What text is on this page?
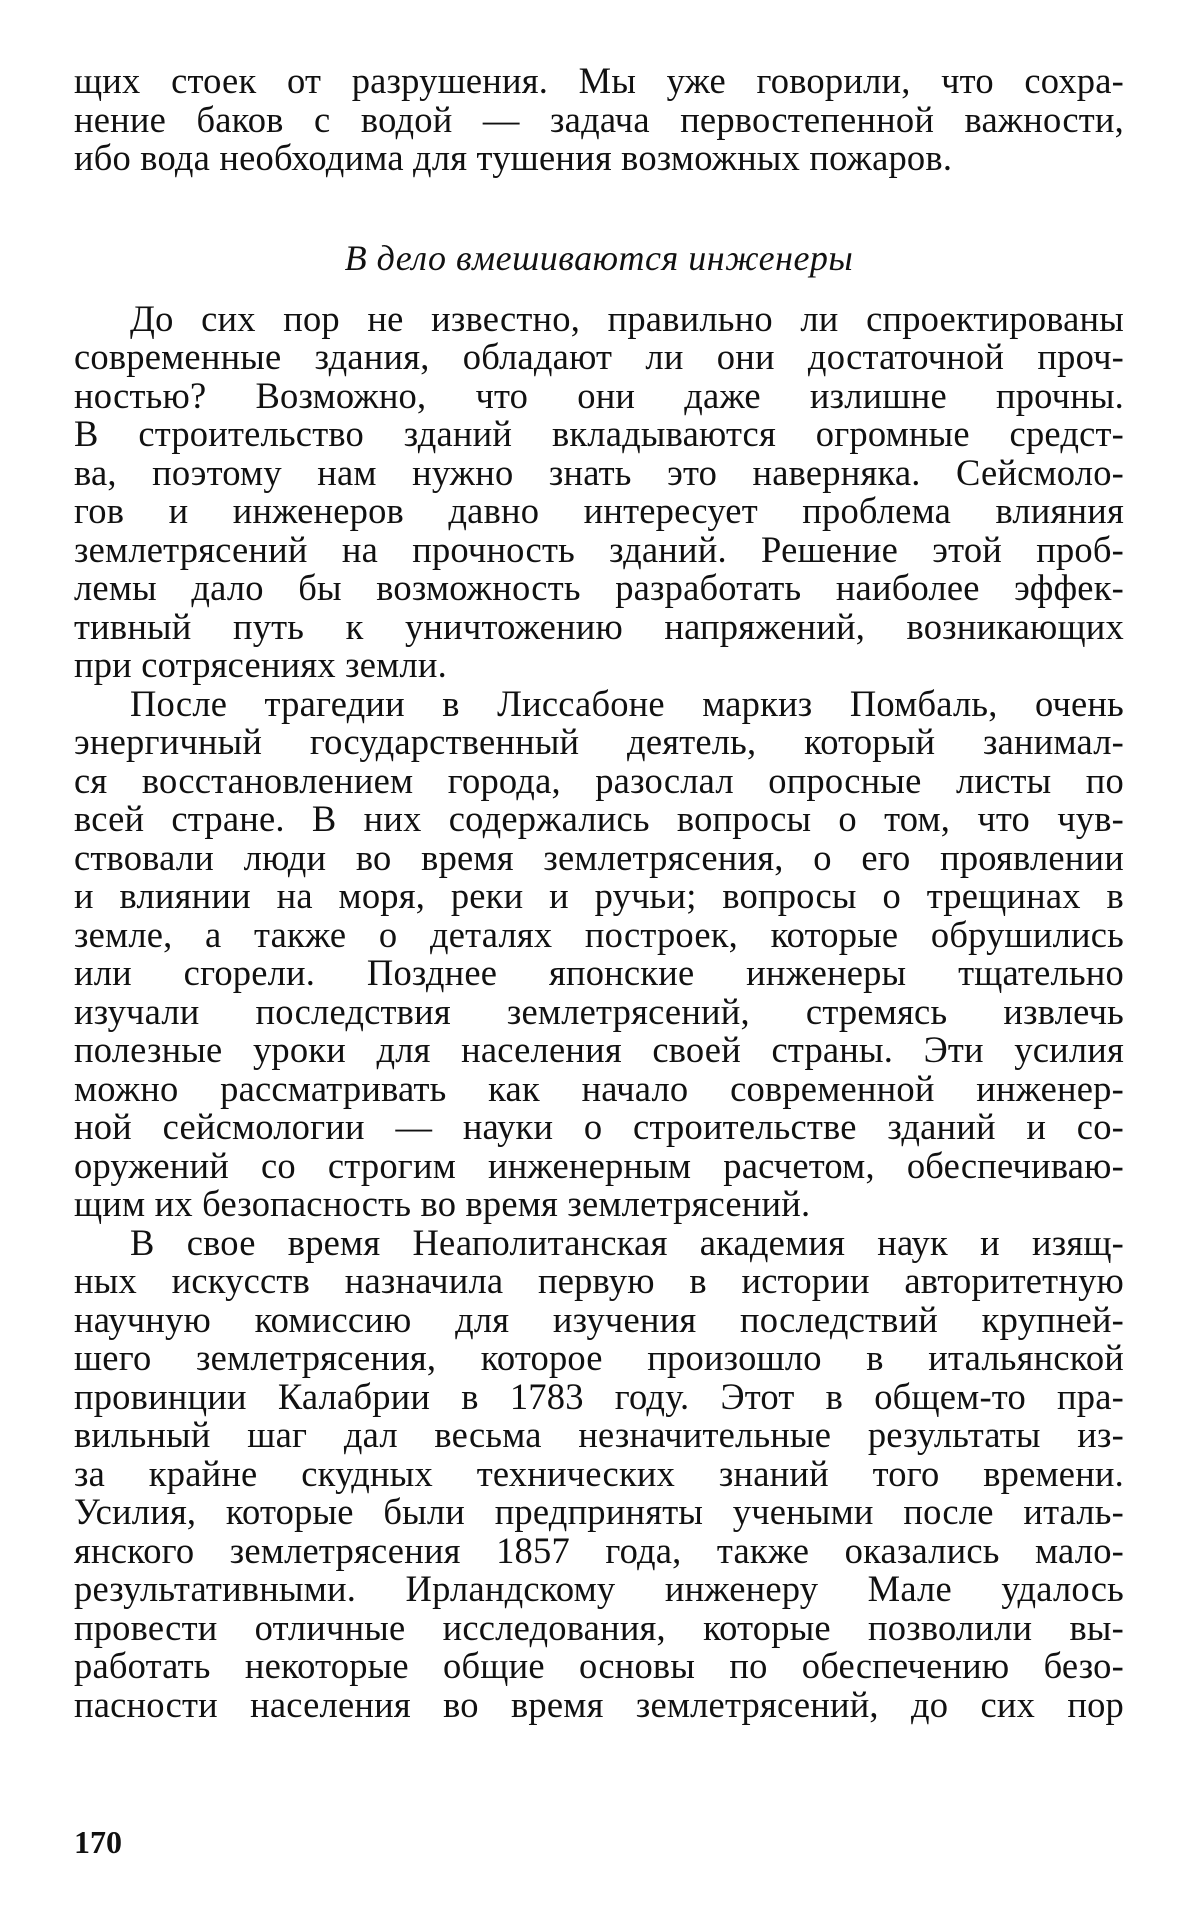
щих стоек от разрушения. Мы уже говорили, что сохра-
нение баков с водой — задача первостепенной важности,
ибо вода необходима для тушения возможных пожаров.
В дело вмешиваются инженеры
До сих пор не известно, правильно ли спроектированы
современные здания, обладают ли они достаточной проч-
ностью? Возможно, что они даже излишне прочны.
В строительство зданий вкладываются огромные средст-
ва, поэтому нам нужно знать это наверняка. Сейсмоло-
гов и инженеров давно интересует проблема влияния
землетрясений на прочность зданий. Решение этой проб-
лемы дало бы возможность разработать наиболее эффек-
тивный путь к уничтожению напряжений, возникающих
при сотрясениях земли.
После трагедии в Лиссабоне маркиз Помбаль, очень
энергичный государственный деятель, который занимал-
ся восстановлением города, разослал опросные листы по
всей стране. В них содержались вопросы о том, что чув-
ствовали люди во время землетрясения, о его проявлении
и влиянии на моря, реки и ручьи; вопросы о трещинах в
земле, а также о деталях построек, которые обрушились
или сгорели. Позднее японские инженеры тщательно
изучали последствия землетрясений, стремясь извлечь
полезные уроки для населения своей страны. Эти усилия
можно рассматривать как начало современной инженер-
ной сейсмологии — науки о строительстве зданий и со-
оружений со строгим инженерным расчетом, обеспечиваю-
щим их безопасность во время землетрясений.
В свое время Неаполитанская академия наук и изящ-
ных искусств назначила первую в истории авторитетную
научную комиссию для изучения последствий крупней-
шего землетрясения, которое произошло в итальянской
провинции Калабрии в 1783 году. Этот в общем-то пра-
вильный шаг дал весьма незначительные результаты из-
за крайне скудных технических знаний того времени.
Усилия, которые были предприняты учеными после италь-
янского землетрясения 1857 года, также оказались мало-
результативными. Ирландскому инженеру Мале удалось
провести отличные исследования, которые позволили вы-
работать некоторые общие основы по обеспечению безо-
пасности населения во время землетрясений, до сих пор
170
